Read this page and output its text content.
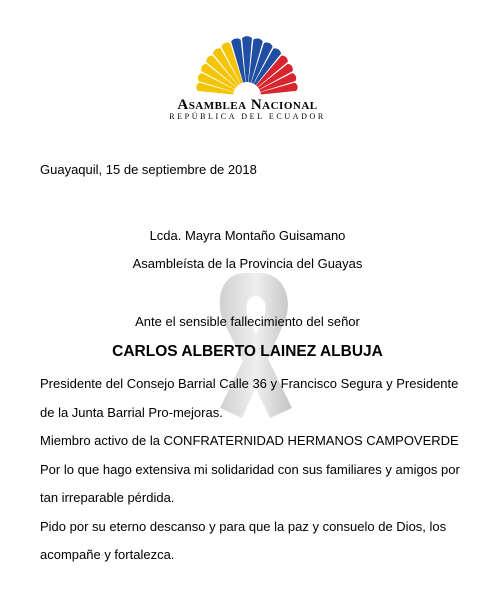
Asamblea Nacional
REPÚBLICA DEL ECUADOR
Guayaquil, 15 de septiembre de 2018
Lcda. Mayra Montaño Guisamano
Asambleísta de la Provincia del Guayas
Ante el sensible fallecimiento del señor
CARLOS ALBERTO LAINEZ ALBUJA
Presidente del Consejo Barrial Calle 36 y Francisco Segura y Presidente
de la Junta Barrial Pro-mejoras.
Miembro activo de la CONFRATERNIDAD HERMANOS CAMPOVERDE
Por lo que hago extensiva mi solidaridad con sus familiares y amigos por
tan irreparable pérdida.
Pido por su eterno descanso y para que la paz y consuelo de Dios, los
acompañe y fortalezca.
